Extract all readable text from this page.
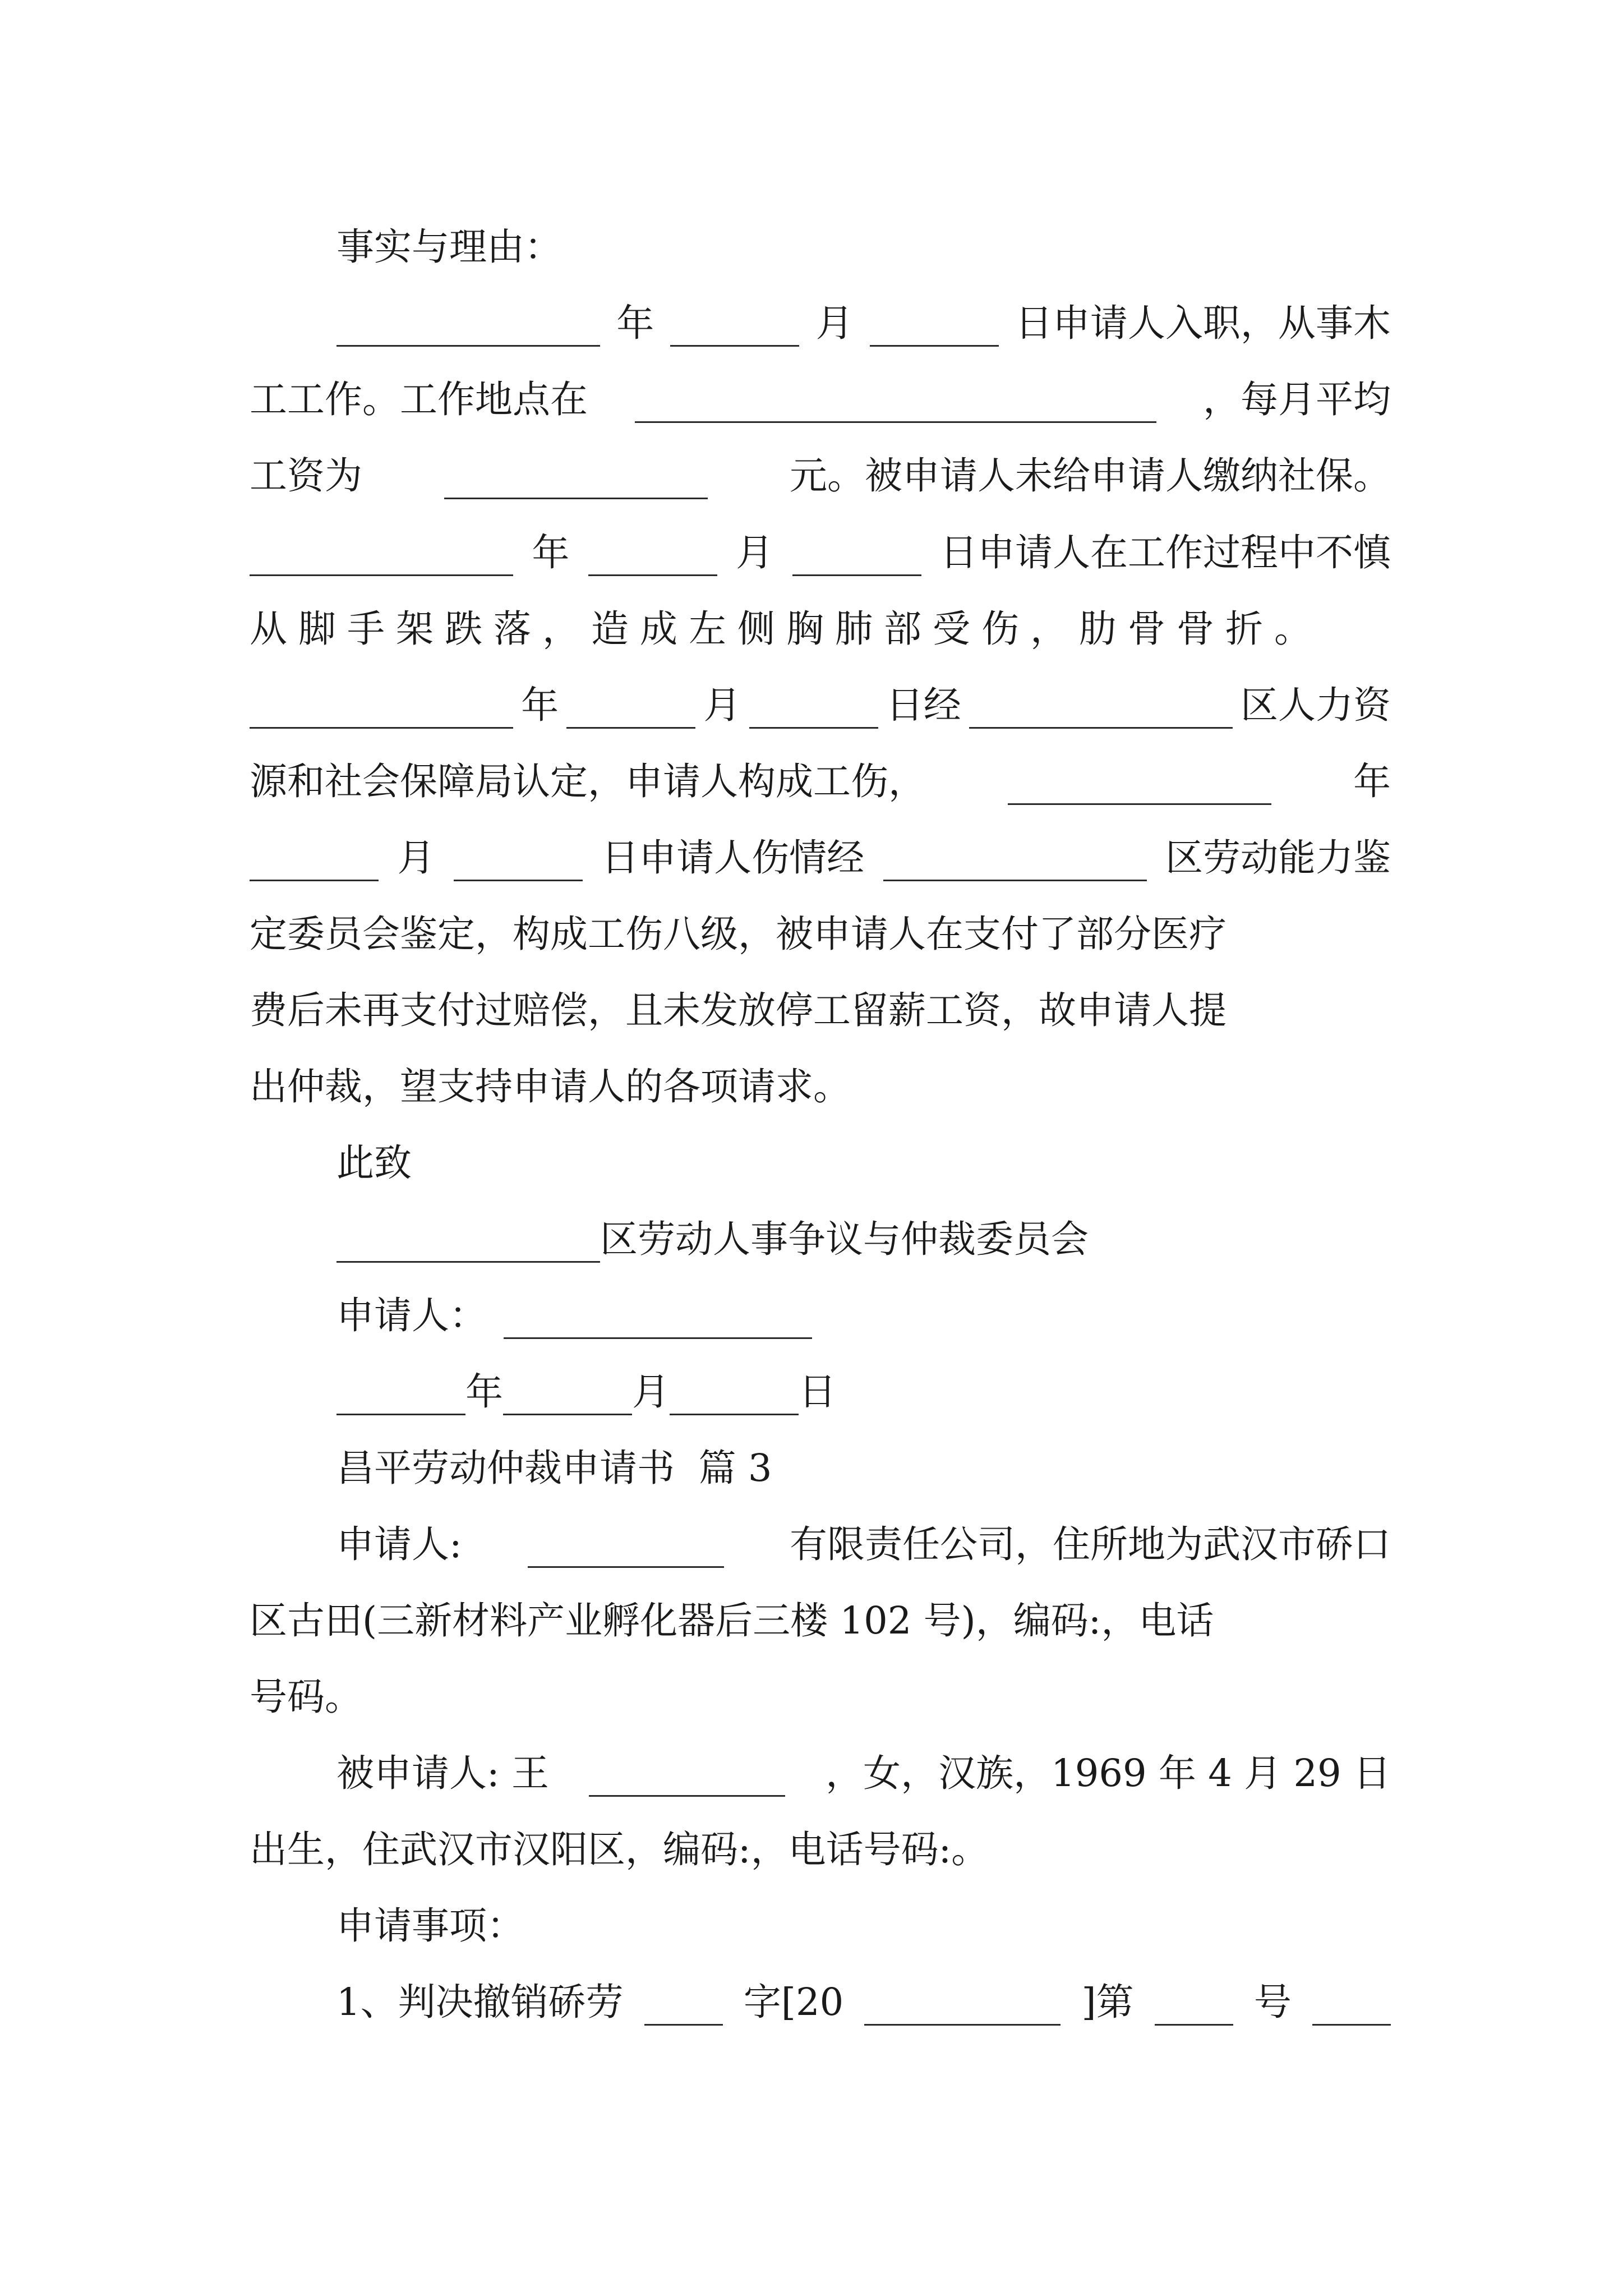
事实与理由：
年	月	日申请人入职，从事木
工工作。工作地点在	，每月平均
工资为	元。被申请人未给申请人缴纳社保。
年	月	日申请人在工作过程中不慎
从脚手架跌落，造成左侧胸肺部受伤，肋骨骨折。
年	月	日经	区人力资
源和社会保障局认定，申请人构成工伤，	年
月	日申请人伤情经	区劳动能力鉴
定委员会鉴定，构成工伤八级，被申请人在支付了部分医疗
费后未再支付过赔偿，且未发放停工留薪工资，故申请人提
出仲裁，望支持申请人的各项请求。
此致
区劳动人事争议与仲裁委员会
申请人：
年	月	日
昌平劳动仲裁申请书  篇 3
申请人:	有限责任公司，住所地为武汉市硚口
区古田(三新材料产业孵化器后三楼 102 号)，编码:，电话
号码。
被申请人: 王	，女，汉族，1969 年 4 月 29 日
出生，住武汉市汉阳区，编码:，电话号码:。
申请事项：
1、判决撤销硚劳	字[20	]第	号
